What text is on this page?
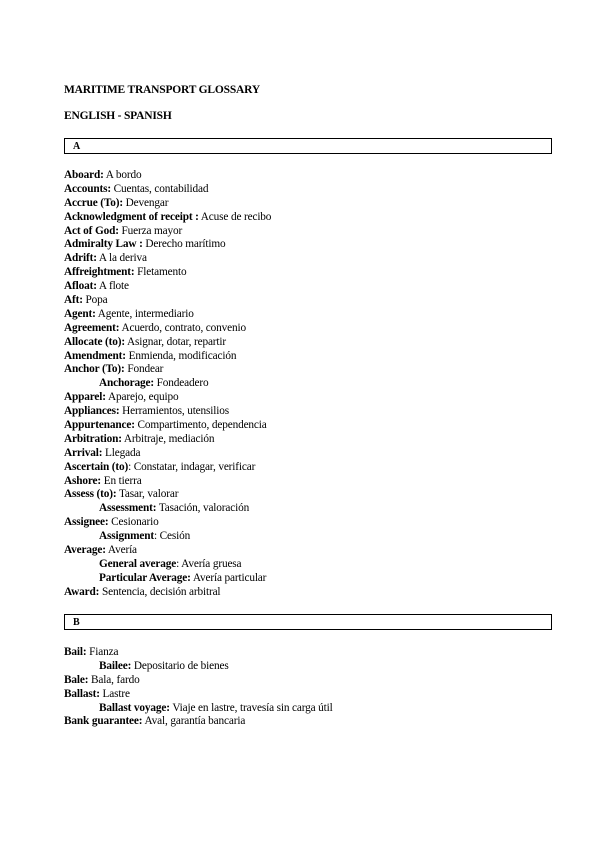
MARITIME TRANSPORT GLOSSARY
ENGLISH - SPANISH
A
Aboard: A bordo
Accounts: Cuentas, contabilidad
Accrue (To): Devengar
Acknowledgment of receipt : Acuse de recibo
Act of God: Fuerza mayor
Admiralty Law : Derecho marítimo
Adrift: A la deriva
Affreightment: Fletamento
Afloat: A flote
Aft: Popa
Agent: Agente, intermediario
Agreement: Acuerdo, contrato, convenio
Allocate (to): Asignar, dotar, repartir
Amendment: Enmienda, modificación
Anchor (To): Fondear
Anchorage: Fondeadero
Apparel: Aparejo, equipo
Appliances: Herramientos, utensilios
Appurtenance: Compartimento, dependencia
Arbitration: Arbitraje, mediación
Arrival: Llegada
Ascertain (to): Constatar, indagar, verificar
Ashore: En tierra
Assess (to): Tasar, valorar
Assessment: Tasación, valoración
Assignee: Cesionario
Assignment: Cesión
Average: Avería
General average: Avería gruesa
Particular Average: Avería particular
Award: Sentencia, decisión arbitral
B
Bail: Fianza
Bailee: Depositario de bienes
Bale: Bala, fardo
Ballast: Lastre
Ballast voyage: Viaje en lastre, travesía sin carga útil
Bank guarantee: Aval, garantía bancaria
